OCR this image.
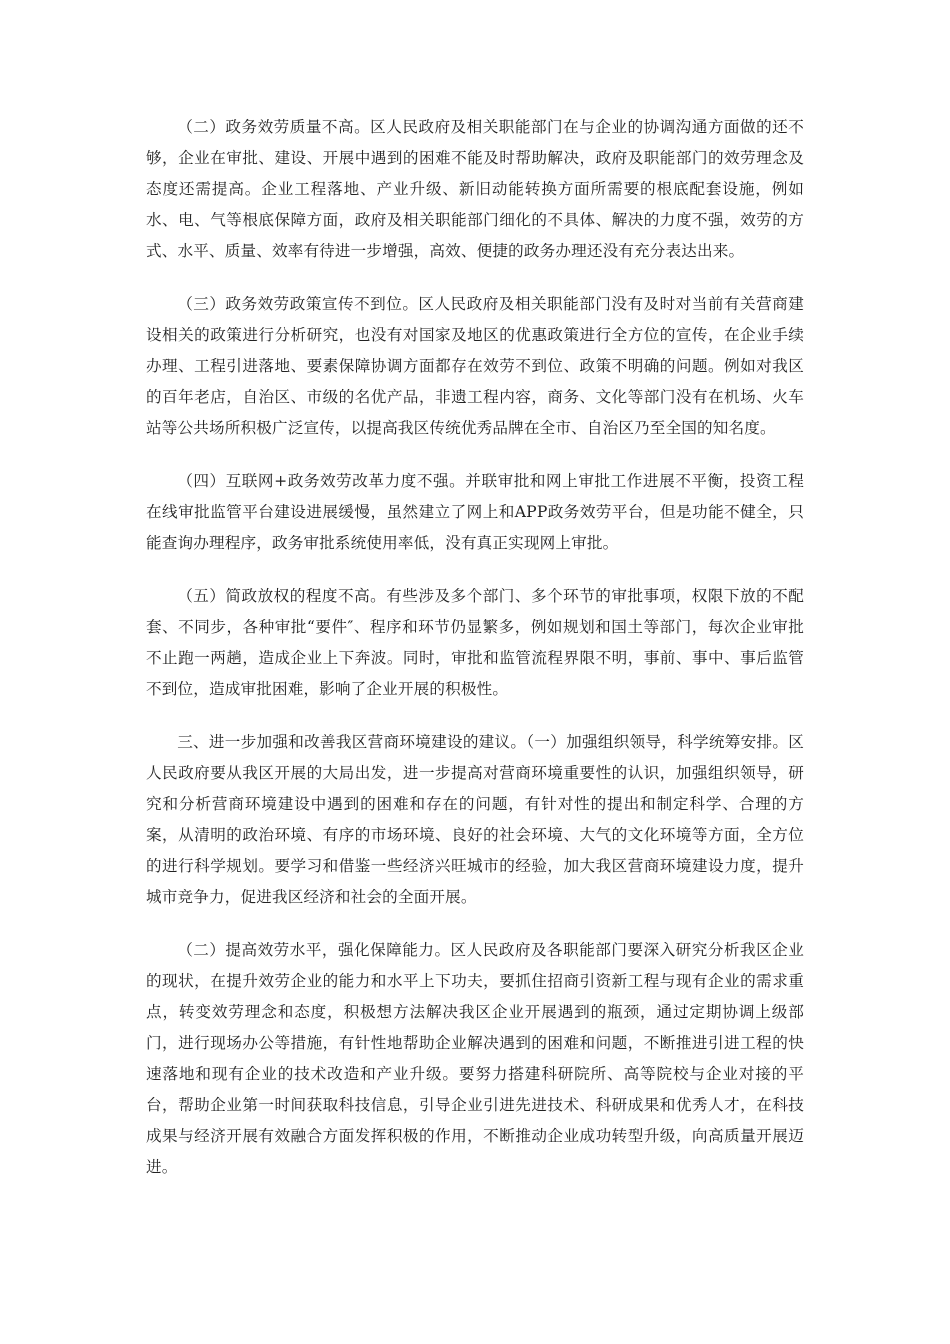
（二）政务效劳质量不高。区人民政府及相关职能部门在与企业的协调沟通方面做的还不够，企业在审批、建设、开展中遇到的困难不能及时帮助解决，政府及职能部门的效劳理念及态度还需提高。企业工程落地、产业升级、新旧动能转换方面所需要的根底配套设施，例如水、电、气等根底保障方面，政府及相关职能部门细化的不具体、解决的力度不强，效劳的方式、水平、质量、效率有待进一步增强，高效、便捷的政务办理还没有充分表达出来。

（三）政务效劳政策宣传不到位。区人民政府及相关职能部门没有及时对当前有关营商建设相关的政策进行分析研究，也没有对国家及地区的优惠政策进行全方位的宣传，在企业手续办理、工程引进落地、要素保障协调方面都存在效劳不到位、政策不明确的问题。例如对我区的百年老店，自治区、市级的名优产品，非遗工程内容，商务、文化等部门没有在机场、火车站等公共场所积极广泛宣传，以提高我区传统优秀品牌在全市、自治区乃至全国的知名度。

（四）互联网+政务效劳改革力度不强。并联审批和网上审批工作进展不平衡，投资工程在线审批监管平台建设进展缓慢，虽然建立了网上和APP政务效劳平台，但是功能不健全，只能查询办理程序，政务审批系统使用率低，没有真正实现网上审批。

（五）简政放权的程度不高。有些涉及多个部门、多个环节的审批事项，权限下放的不配套、不同步，各种审批“要件″、程序和环节仍显繁多，例如规划和国土等部门，每次企业审批不止跑一两趟，造成企业上下奔波。同时，审批和监管流程界限不明，事前、事中、事后监管不到位，造成审批困难，影响了企业开展的积极性。

三、进一步加强和改善我区营商环境建设的建议。（一）加强组织领导，科学统筹安排。区人民政府要从我区开展的大局出发，进一步提高对营商环境重要性的认识，加强组织领导，研究和分析营商环境建设中遇到的困难和存在的问题，有针对性的提出和制定科学、合理的方案，从清明的政治环境、有序的市场环境、良好的社会环境、大气的文化环境等方面，全方位的进行科学规划。要学习和借鉴一些经济兴旺城市的经验，加大我区营商环境建设力度，提升城市竞争力，促进我区经济和社会的全面开展。

（二）提高效劳水平，强化保障能力。区人民政府及各职能部门要深入研究分析我区企业的现状，在提升效劳企业的能力和水平上下功夫，要抓住招商引资新工程与现有企业的需求重点，转变效劳理念和态度，积极想方法解决我区企业开展遇到的瓶颈，通过定期协调上级部门，进行现场办公等措施，有针性地帮助企业解决遇到的困难和问题，不断推进引进工程的快速落地和现有企业的技术改造和产业升级。要努力搭建科研院所、高等院校与企业对接的平台，帮助企业第一时间获取科技信息，引导企业引进先进技术、科研成果和优秀人才，在科技成果与经济开展有效融合方面发挥积极的作用，不断推动企业成功转型升级，向高质量开展迈进。
